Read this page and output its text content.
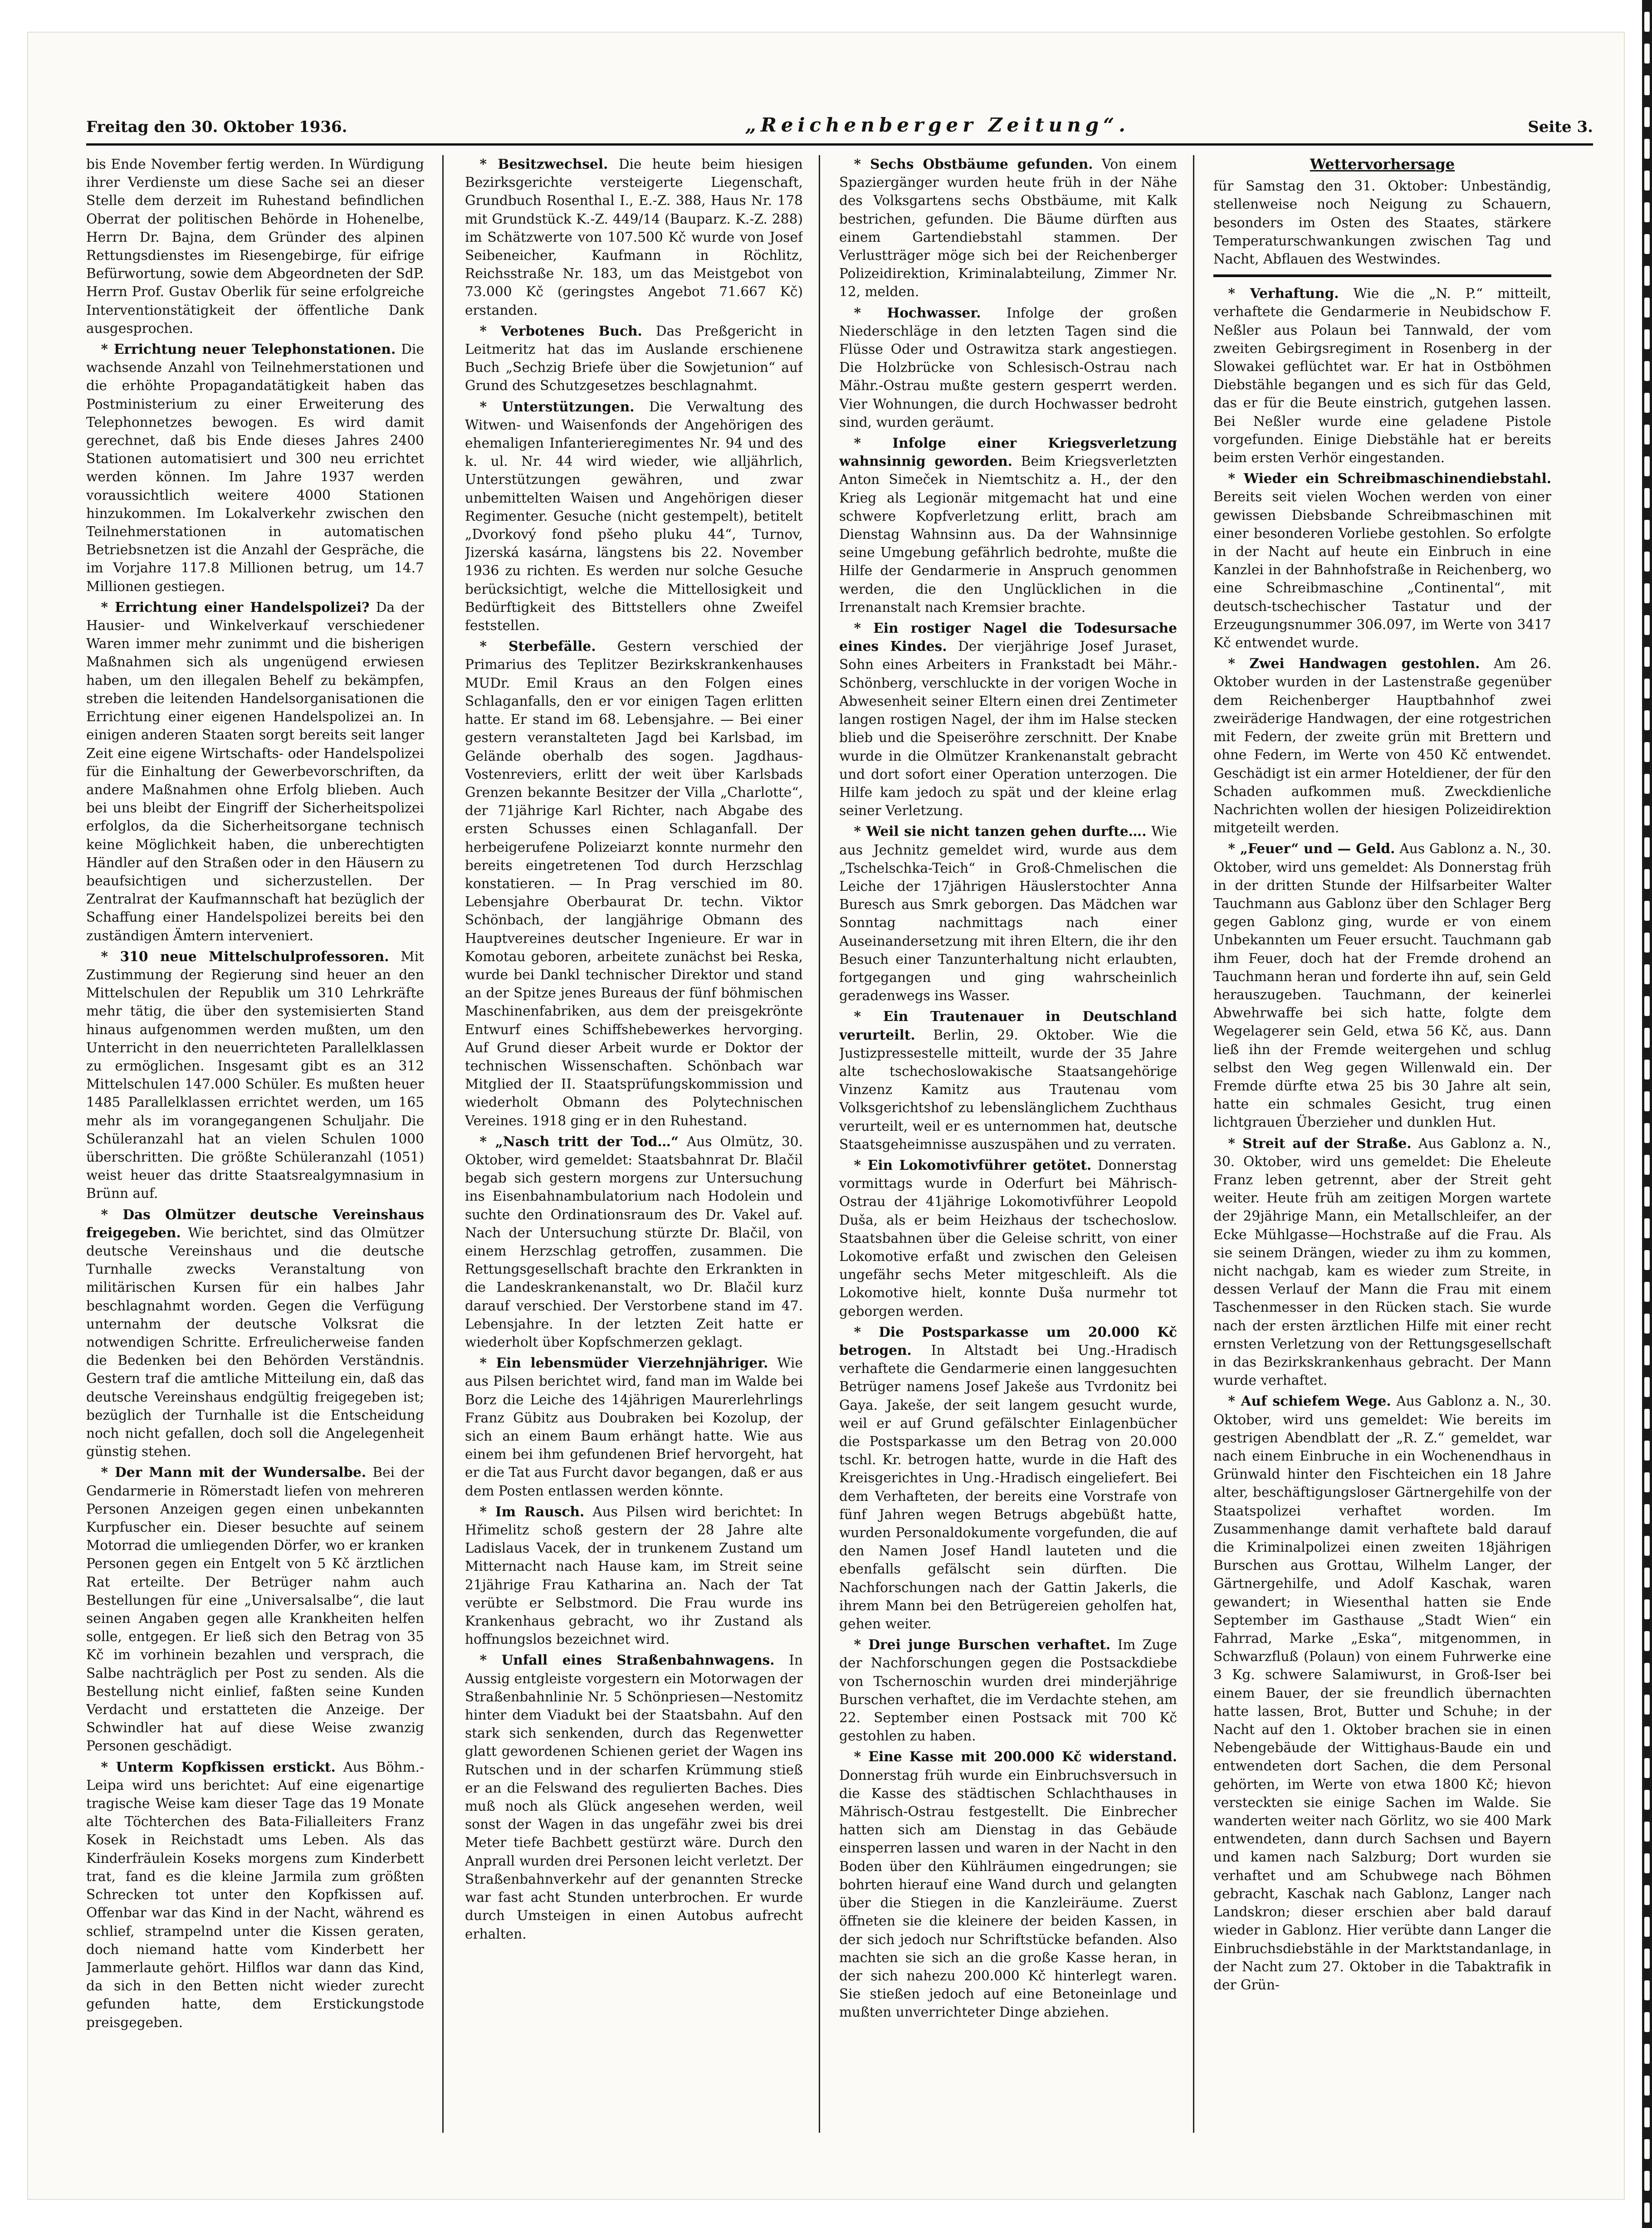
Freitag den 30. Oktober 1936.	„Reichenberger Zeitung“.	Seite 3.

bis Ende November fertig werden. In Würdigung ihrer Verdienste um diese Sache sei an dieser Stelle dem derzeit im Ruhestand befindlichen Oberrat der politischen Behörde in Hohenelbe, Herrn Dr. Bajna, dem Gründer des alpinen Rettungsdienstes im Riesengebirge, für eifrige Befürwortung, sowie dem Abgeordneten der SdP. Herrn Prof. Gustav Oberlik für seine erfolgreiche Interventionstätigkeit der öffentliche Dank ausgesprochen.

* Errichtung neuer Telephonstationen. Die wachsende Anzahl von Teilnehmerstationen und die erhöhte Propagandatätigkeit haben das Postministerium zu einer Erweiterung des Telephonnetzes bewogen. Es wird damit gerechnet, daß bis Ende dieses Jahres 2400 Stationen automatisiert und 300 neu errichtet werden können. Im Jahre 1937 werden voraussichtlich weitere 4000 Stationen hinzukommen. Im Lokalverkehr zwischen den Teilnehmerstationen in automatischen Betriebsnetzen ist die Anzahl der Gespräche, die im Vorjahre 117.8 Millionen betrug, um 14.7 Millionen gestiegen.

* Errichtung einer Handelspolizei? Da der Hausier- und Winkelverkauf verschiedener Waren immer mehr zunimmt und die bisherigen Maßnahmen sich als ungenügend erwiesen haben, um den illegalen Behelf zu bekämpfen, streben die leitenden Handelsorganisationen die Errichtung einer eigenen Handelspolizei an. In einigen anderen Staaten sorgt bereits seit langer Zeit eine eigene Wirtschafts- oder Handelspolizei für die Einhaltung der Gewerbevorschriften, da andere Maßnahmen ohne Erfolg blieben. Auch bei uns bleibt der Eingriff der Sicherheitspolizei erfolglos, da die Sicherheitsorgane technisch keine Möglichkeit haben, die unberechtigten Händler auf den Straßen oder in den Häusern zu beaufsichtigen und sicherzustellen. Der Zentralrat der Kaufmannschaft hat bezüglich der Schaffung einer Handelspolizei bereits bei den zuständigen Ämtern interveniert.

* 310 neue Mittelschulprofessoren. Mit Zustimmung der Regierung sind heuer an den Mittelschulen der Republik um 310 Lehrkräfte mehr tätig, die über den systemisierten Stand hinaus aufgenommen werden mußten, um den Unterricht in den neuerrichteten Parallelklassen zu ermöglichen. Insgesamt gibt es an 312 Mittelschulen 147.000 Schüler. Es mußten heuer 1485 Parallelklassen errichtet werden, um 165 mehr als im vorangegangenen Schuljahr. Die Schüleranzahl hat an vielen Schulen 1000 überschritten. Die größte Schüleranzahl (1051) weist heuer das dritte Staatsrealgymnasium in Brünn auf.

* Das Olmützer deutsche Vereinshaus freigegeben. Wie berichtet, sind das Olmützer deutsche Vereinshaus und die deutsche Turnhalle zwecks Veranstaltung von militärischen Kursen für ein halbes Jahr beschlagnahmt worden. Gegen die Verfügung unternahm der deutsche Volksrat die notwendigen Schritte. Erfreulicherweise fanden die Bedenken bei den Behörden Verständnis. Gestern traf die amtliche Mitteilung ein, daß das deutsche Vereinshaus endgültig freigegeben ist; bezüglich der Turnhalle ist die Entscheidung noch nicht gefallen, doch soll die Angelegenheit günstig stehen.

* Der Mann mit der Wundersalbe. Bei der Gendarmerie in Römerstadt liefen von mehreren Personen Anzeigen gegen einen unbekannten Kurpfuscher ein. Dieser besuchte auf seinem Motorrad die umliegenden Dörfer, wo er kranken Personen gegen ein Entgelt von 5 Kč ärztlichen Rat erteilte. Der Betrüger nahm auch Bestellungen für eine „Universalsalbe“, die laut seinen Angaben gegen alle Krankheiten helfen solle, entgegen. Er ließ sich den Betrag von 35 Kč im vorhinein bezahlen und versprach, die Salbe nachträglich per Post zu senden. Als die Bestellung nicht einlief, faßten seine Kunden Verdacht und erstatteten die Anzeige. Der Schwindler hat auf diese Weise zwanzig Personen geschädigt.

* Unterm Kopfkissen erstickt. Aus Böhm.-Leipa wird uns berichtet: Auf eine eigenartige tragische Weise kam dieser Tage das 19 Monate alte Töchterchen des Bata-Filialleiters Franz Kosek in Reichstadt ums Leben. Als das Kinderfräulein Koseks morgens zum Kinderbett trat, fand es die kleine Jarmila zum größten Schrecken tot unter den Kopfkissen auf. Offenbar war das Kind in der Nacht, während es schlief, strampelnd unter die Kissen geraten, doch niemand hatte vom Kinderbett her Jammerlaute gehört. Hilflos war dann das Kind, da sich in den Betten nicht wieder zurecht gefunden hatte, dem Erstickungstode preisgegeben.

* Besitzwechsel. Die heute beim hiesigen Bezirksgerichte versteigerte Liegenschaft, Grundbuch Rosenthal I., E.-Z. 388, Haus Nr. 178 mit Grundstück K.-Z. 449/14 (Bauparz. K.-Z. 288) im Schätzwerte von 107.500 Kč wurde von Josef Seibeneicher, Kaufmann in Röchlitz, Reichsstraße Nr. 183, um das Meistgebot von 73.000 Kč (geringstes Angebot 71.667 Kč) erstanden.

* Verbotenes Buch. Das Preßgericht in Leitmeritz hat das im Auslande erschienene Buch „Sechzig Briefe über die Sowjetunion“ auf Grund des Schutzgesetzes beschlagnahmt.

* Unterstützungen. Die Verwaltung des Witwen- und Waisenfonds der Angehörigen des ehemaligen Infanterieregimentes Nr. 94 und des k. ul. Nr. 44 wird wieder, wie alljährlich, Unterstützungen gewähren, und zwar unbemittelten Waisen und Angehörigen dieser Regimenter. Gesuche (nicht gestempelt), betitelt „Dvorkový fond pšeho pluku 44“, Turnov, Jizerská kasárna, längstens bis 22. November 1936 zu richten. Es werden nur solche Gesuche berücksichtigt, welche die Mittellosigkeit und Bedürftigkeit des Bittstellers ohne Zweifel feststellen.

* Sterbefälle. Gestern verschied der Primarius des Teplitzer Bezirkskrankenhauses MUDr. Emil Kraus an den Folgen eines Schlaganfalls, den er vor einigen Tagen erlitten hatte. Er stand im 68. Lebensjahre. — Bei einer gestern veranstalteten Jagd bei Karlsbad, im Gelände oberhalb des sogen. Jagdhaus-Vostenreviers, erlitt der weit über Karlsbads Grenzen bekannte Besitzer der Villa „Charlotte“, der 71jährige Karl Richter, nach Abgabe des ersten Schusses einen Schlaganfall. Der herbeigerufene Polizeiarzt konnte nurmehr den bereits eingetretenen Tod durch Herzschlag konstatieren. — In Prag verschied im 80. Lebensjahre Oberbaurat Dr. techn. Viktor Schönbach, der langjährige Obmann des Hauptvereines deutscher Ingenieure. Er war in Komotau geboren, arbeitete zunächst bei Reska, wurde bei Dankl technischer Direktor und stand an der Spitze jenes Bureaus der fünf böhmischen Maschinenfabriken, aus dem der preisgekrönte Entwurf eines Schiffshebewerkes hervorging. Auf Grund dieser Arbeit wurde er Doktor der technischen Wissenschaften. Schönbach war Mitglied der II. Staatsprüfungskommission und wiederholt Obmann des Polytechnischen Vereines. 1918 ging er in den Ruhestand.

* „Nasch tritt der Tod…“ Aus Olmütz, 30. Oktober, wird gemeldet: Staatsbahnrat Dr. Blačil begab sich gestern morgens zur Untersuchung ins Eisenbahnambulatorium nach Hodolein und suchte den Ordinationsraum des Dr. Vakel auf. Nach der Untersuchung stürzte Dr. Blačil, von einem Herzschlag getroffen, zusammen. Die Rettungsgesellschaft brachte den Erkrankten in die Landeskrankenanstalt, wo Dr. Blačil kurz darauf verschied. Der Verstorbene stand im 47. Lebensjahre. In der letzten Zeit hatte er wiederholt über Kopfschmerzen geklagt.

* Ein lebensmüder Vierzehnjähriger. Wie aus Pilsen berichtet wird, fand man im Walde bei Borz die Leiche des 14jährigen Maurerlehrlings Franz Gübitz aus Doubraken bei Kozolup, der sich an einem Baum erhängt hatte. Wie aus einem bei ihm gefundenen Brief hervorgeht, hat er die Tat aus Furcht davor begangen, daß er aus dem Posten entlassen werden könnte.

* Im Rausch. Aus Pilsen wird berichtet: In Hřimelitz schoß gestern der 28 Jahre alte Ladislaus Vacek, der in trunkenem Zustand um Mitternacht nach Hause kam, im Streit seine 21jährige Frau Katharina an. Nach der Tat verübte er Selbstmord. Die Frau wurde ins Krankenhaus gebracht, wo ihr Zustand als hoffnungslos bezeichnet wird.

* Unfall eines Straßenbahnwagens. In Aussig entgleiste vorgestern ein Motorwagen der Straßenbahnlinie Nr. 5 Schönpriesen—Nestomitz hinter dem Viadukt bei der Staatsbahn. Auf den stark sich senkenden, durch das Regenwetter glatt gewordenen Schienen geriet der Wagen ins Rutschen und in der scharfen Krümmung stieß er an die Felswand des regulierten Baches. Dies muß noch als Glück angesehen werden, weil sonst der Wagen in das ungefähr zwei bis drei Meter tiefe Bachbett gestürzt wäre. Durch den Anprall wurden drei Personen leicht verletzt. Der Straßenbahnverkehr auf der genannten Strecke war fast acht Stunden unterbrochen. Er wurde durch Umsteigen in einen Autobus aufrecht erhalten.

* Sechs Obstbäume gefunden. Von einem Spaziergänger wurden heute früh in der Nähe des Volksgartens sechs Obstbäume, mit Kalk bestrichen, gefunden. Die Bäume dürften aus einem Gartendiebstahl stammen. Der Verlustträger möge sich bei der Reichenberger Polizeidirektion, Kriminalabteilung, Zimmer Nr. 12, melden.

* Hochwasser. Infolge der großen Niederschläge in den letzten Tagen sind die Flüsse Oder und Ostrawitza stark angestiegen. Die Holzbrücke von Schlesisch-Ostrau nach Mähr.-Ostrau mußte gestern gesperrt werden. Vier Wohnungen, die durch Hochwasser bedroht sind, wurden geräumt.

* Infolge einer Kriegsverletzung wahnsinnig geworden. Beim Kriegsverletzten Anton Simeček in Niemtschitz a. H., der den Krieg als Legionär mitgemacht hat und eine schwere Kopfverletzung erlitt, brach am Dienstag Wahnsinn aus. Da der Wahnsinnige seine Umgebung gefährlich bedrohte, mußte die Hilfe der Gendarmerie in Anspruch genommen werden, die den Unglücklichen in die Irrenanstalt nach Kremsier brachte.

* Ein rostiger Nagel die Todesursache eines Kindes. Der vierjährige Josef Juraset, Sohn eines Arbeiters in Frankstadt bei Mähr.-Schönberg, verschluckte in der vorigen Woche in Abwesenheit seiner Eltern einen drei Zentimeter langen rostigen Nagel, der ihm im Halse stecken blieb und die Speiseröhre zerschnitt. Der Knabe wurde in die Olmützer Krankenanstalt gebracht und dort sofort einer Operation unterzogen. Die Hilfe kam jedoch zu spät und der kleine erlag seiner Verletzung.

* Weil sie nicht tanzen gehen durfte…. Wie aus Jechnitz gemeldet wird, wurde aus dem „Tschelschka-Teich“ in Groß-Chmelischen die Leiche der 17jährigen Häuslerstochter Anna Buresch aus Smrk geborgen. Das Mädchen war Sonntag nachmittags nach einer Auseinandersetzung mit ihren Eltern, die ihr den Besuch einer Tanzunterhaltung nicht erlaubten, fortgegangen und ging wahrscheinlich geradenwegs ins Wasser.

* Ein Trautenauer in Deutschland verurteilt. Berlin, 29. Oktober. Wie die Justizpressestelle mitteilt, wurde der 35 Jahre alte tschechoslowakische Staatsangehörige Vinzenz Kamitz aus Trautenau vom Volksgerichtshof zu lebenslänglichem Zuchthaus verurteilt, weil er es unternommen hat, deutsche Staatsgeheimnisse auszuspähen und zu verraten.

* Ein Lokomotivführer getötet. Donnerstag vormittags wurde in Oderfurt bei Mährisch-Ostrau der 41jährige Lokomotivführer Leopold Duša, als er beim Heizhaus der tschechoslow. Staatsbahnen über die Geleise schritt, von einer Lokomotive erfaßt und zwischen den Geleisen ungefähr sechs Meter mitgeschleift. Als die Lokomotive hielt, konnte Duša nurmehr tot geborgen werden.

* Die Postsparkasse um 20.000 Kč betrogen. In Altstadt bei Ung.-Hradisch verhaftete die Gendarmerie einen langgesuchten Betrüger namens Josef Jakeše aus Tvrdonitz bei Gaya. Jakeše, der seit langem gesucht wurde, weil er auf Grund gefälschter Einlagenbücher die Postsparkasse um den Betrag von 20.000 tschl. Kr. betrogen hatte, wurde in die Haft des Kreisgerichtes in Ung.-Hradisch eingeliefert. Bei dem Verhafteten, der bereits eine Vorstrafe von fünf Jahren wegen Betrugs abgebüßt hatte, wurden Personaldokumente vorgefunden, die auf den Namen Josef Handl lauteten und die ebenfalls gefälscht sein dürften. Die Nachforschungen nach der Gattin Jakerls, die ihrem Mann bei den Betrügereien geholfen hat, gehen weiter.

* Drei junge Burschen verhaftet. Im Zuge der Nachforschungen gegen die Postsackdiebe von Tschernoschin wurden drei minderjährige Burschen verhaftet, die im Verdachte stehen, am 22. September einen Postsack mit 700 Kč gestohlen zu haben.

* Eine Kasse mit 200.000 Kč widerstand. Donnerstag früh wurde ein Einbruchsversuch in die Kasse des städtischen Schlachthauses in Mährisch-Ostrau festgestellt. Die Einbrecher hatten sich am Dienstag in das Gebäude einsperren lassen und waren in der Nacht in den Boden über den Kühlräumen eingedrungen; sie bohrten hierauf eine Wand durch und gelangten über die Stiegen in die Kanzleiräume. Zuerst öffneten sie die kleinere der beiden Kassen, in der sich jedoch nur Schriftstücke befanden. Also machten sie sich an die große Kasse heran, in der sich nahezu 200.000 Kč hinterlegt waren. Sie stießen jedoch auf eine Betoneinlage und mußten unverrichteter Dinge abziehen.

Wettervorhersage

für Samstag den 31. Oktober: Unbeständig, stellenweise noch Neigung zu Schauern, besonders im Osten des Staates, stärkere Temperaturschwankungen zwischen Tag und Nacht, Abflauen des Westwindes.

* Verhaftung. Wie die „N. P.“ mitteilt, verhaftete die Gendarmerie in Neubidschow F. Neßler aus Polaun bei Tannwald, der vom zweiten Gebirgsregiment in Rosenberg in der Slowakei geflüchtet war. Er hat in Ostböhmen Diebstähle begangen und es sich für das Geld, das er für die Beute einstrich, gutgehen lassen. Bei Neßler wurde eine geladene Pistole vorgefunden. Einige Diebstähle hat er bereits beim ersten Verhör eingestanden.

* Wieder ein Schreibmaschinendiebstahl. Bereits seit vielen Wochen werden von einer gewissen Diebsbande Schreibmaschinen mit einer besonderen Vorliebe gestohlen. So erfolgte in der Nacht auf heute ein Einbruch in eine Kanzlei in der Bahnhofstraße in Reichenberg, wo eine Schreibmaschine „Continental“, mit deutsch-tschechischer Tastatur und der Erzeugungsnummer 306.097, im Werte von 3417 Kč entwendet wurde.

* Zwei Handwagen gestohlen. Am 26. Oktober wurden in der Lastenstraße gegenüber dem Reichenberger Hauptbahnhof zwei zweiräderige Handwagen, der eine rotgestrichen mit Federn, der zweite grün mit Brettern und ohne Federn, im Werte von 450 Kč entwendet. Geschädigt ist ein armer Hoteldiener, der für den Schaden aufkommen muß. Zweckdienliche Nachrichten wollen der hiesigen Polizeidirektion mitgeteilt werden.

* „Feuer“ und — Geld. Aus Gablonz a. N., 30. Oktober, wird uns gemeldet: Als Donnerstag früh in der dritten Stunde der Hilfsarbeiter Walter Tauchmann aus Gablonz über den Schlager Berg gegen Gablonz ging, wurde er von einem Unbekannten um Feuer ersucht. Tauchmann gab ihm Feuer, doch hat der Fremde drohend an Tauchmann heran und forderte ihn auf, sein Geld herauszugeben. Tauchmann, der keinerlei Abwehrwaffe bei sich hatte, folgte dem Wegelagerer sein Geld, etwa 56 Kč, aus. Dann ließ ihn der Fremde weitergehen und schlug selbst den Weg gegen Willenwald ein. Der Fremde dürfte etwa 25 bis 30 Jahre alt sein, hatte ein schmales Gesicht, trug einen lichtgrauen Überzieher und dunklen Hut.

* Streit auf der Straße. Aus Gablonz a. N., 30. Oktober, wird uns gemeldet: Die Eheleute Franz leben getrennt, aber der Streit geht weiter. Heute früh am zeitigen Morgen wartete der 29jährige Mann, ein Metallschleifer, an der Ecke Mühlgasse—Hochstraße auf die Frau. Als sie seinem Drängen, wieder zu ihm zu kommen, nicht nachgab, kam es wieder zum Streite, in dessen Verlauf der Mann die Frau mit einem Taschenmesser in den Rücken stach. Sie wurde nach der ersten ärztlichen Hilfe mit einer recht ernsten Verletzung von der Rettungsgesellschaft in das Bezirkskrankenhaus gebracht. Der Mann wurde verhaftet.

* Auf schiefem Wege. Aus Gablonz a. N., 30. Oktober, wird uns gemeldet: Wie bereits im gestrigen Abendblatt der „R. Z.“ gemeldet, war nach einem Einbruche in ein Wochenendhaus in Grünwald hinter den Fischteichen ein 18 Jahre alter, beschäftigungsloser Gärtnergehilfe von der Staatspolizei verhaftet worden. Im Zusammenhange damit verhaftete bald darauf die Kriminalpolizei einen zweiten 18jährigen Burschen aus Grottau, Wilhelm Langer, der Gärtnergehilfe, und Adolf Kaschak, waren gewandert; in Wiesenthal hatten sie Ende September im Gasthause „Stadt Wien“ ein Fahrrad, Marke „Eska“, mitgenommen, in Schwarzfluß (Polaun) von einem Fuhrwerke eine 3 Kg. schwere Salamiwurst, in Groß-Iser bei einem Bauer, der sie freundlich übernachten hatte lassen, Brot, Butter und Schuhe; in der Nacht auf den 1. Oktober brachen sie in einen Nebengebäude der Wittighaus-Baude ein und entwendeten dort Sachen, die dem Personal gehörten, im Werte von etwa 1800 Kč; hievon versteckten sie einige Sachen im Walde. Sie wanderten weiter nach Görlitz, wo sie 400 Mark entwendeten, dann durch Sachsen und Bayern und kamen nach Salzburg; Dort wurden sie verhaftet und am Schubwege nach Böhmen gebracht, Kaschak nach Gablonz, Langer nach Landskron; dieser erschien aber bald darauf wieder in Gablonz. Hier verübte dann Langer die Einbruchsdiebstähle in der Marktstandanlage, in der Nacht zum 27. Oktober in die Tabaktrafik in der Grün-
